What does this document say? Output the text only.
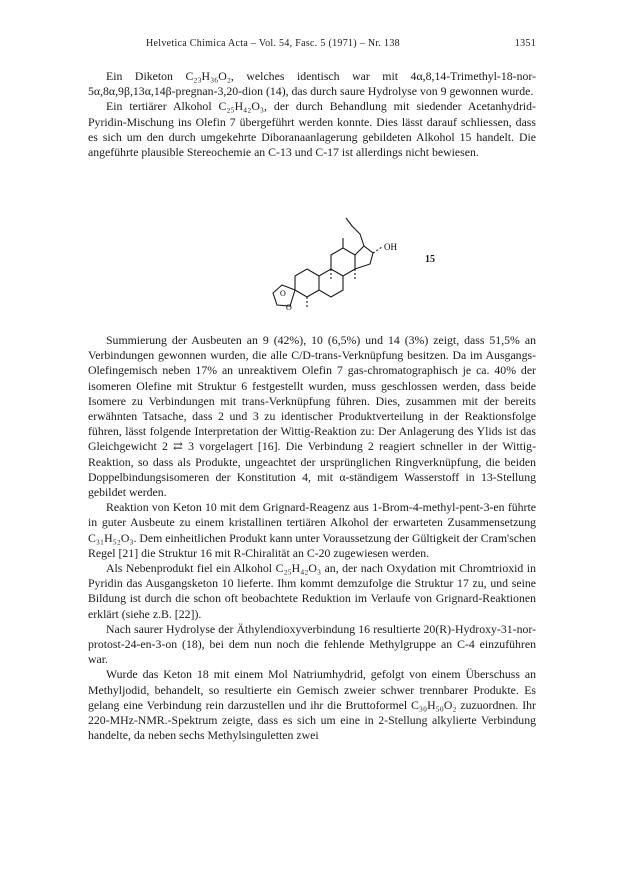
Helvetica Chimica Acta – Vol. 54, Fasc. 5 (1971) – Nr. 138	1351

Ein Diketon C₂₃H₃₆O₂, welches identisch war mit 4α,8,14-Trimethyl-18-nor-5α,8α,9β,13α,14β-pregnan-3,20-dion (14), das durch saure Hydrolyse von 9 gewonnen wurde.

Ein tertiärer Alkohol C₂₅H₄₂O₃, der durch Behandlung mit siedender Acetanhydrid-Pyridin-Mischung ins Olefin 7 übergeführt werden konnte. Dies lässt darauf schliessen, dass es sich um den durch umgekehrte Diboranaanlagerung gebildeten Alkohol 15 handelt. Die angeführte plausible Stereochemie an C-13 und C-17 ist allerdings nicht bewiesen.

OH
O
O
15

Summierung der Ausbeuten an 9 (42%), 10 (6,5%) und 14 (3%) zeigt, dass 51,5% an Verbindungen gewonnen wurden, die alle C/D-trans-Verknüpfung besitzen. Da im Ausgangs-Olefingemisch neben 17% an unreaktivem Olefin 7 gas-chromatographisch je ca. 40% der isomeren Olefine mit Struktur 6 festgestellt wurden, muss geschlossen werden, dass beide Isomere zu Verbindungen mit trans-Verknüpfung führen. Dies, zusammen mit der bereits erwähnten Tatsache, dass 2 und 3 zu identischer Produktverteilung in der Reaktionsfolge führen, lässt folgende Interpretation der Wittig-Reaktion zu: Der Anlagerung des Ylids ist das Gleichgewicht 2 ⇄ 3 vorgelagert [16]. Die Verbindung 2 reagiert schneller in der Wittig-Reaktion, so dass als Produkte, ungeachtet der ursprünglichen Ringverknüpfung, die beiden Doppelbindungsisomeren der Konstitution 4, mit α-ständigem Wasserstoff in 13-Stellung gebildet werden.

Reaktion von Keton 10 mit dem Grignard-Reagenz aus 1-Brom-4-methyl-pent-3-en führte in guter Ausbeute zu einem kristallinen tertiären Alkohol der erwarteten Zusammensetzung C₃₁H₅₂O₃. Dem einheitlichen Produkt kann unter Voraussetzung der Gültigkeit der Cram'schen Regel [21] die Struktur 16 mit R-Chiralität an C-20 zugewiesen werden.

Als Nebenprodukt fiel ein Alkohol C₂₅H₄₂O₃ an, der nach Oxydation mit Chromtrioxid in Pyridin das Ausgangsketon 10 lieferte. Ihm kommt demzufolge die Struktur 17 zu, und seine Bildung ist durch die schon oft beobachtete Reduktion im Verlaufe von Grignard-Reaktionen erklärt (siehe z.B. [22]).

Nach saurer Hydrolyse der Äthylendioxyverbindung 16 resultierte 20(R)-Hydroxy-31-nor-protost-24-en-3-on (18), bei dem nun noch die fehlende Methylgruppe an C-4 einzuführen war.

Wurde das Keton 18 mit einem Mol Natriumhydrid, gefolgt von einem Überschuss an Methyljodid, behandelt, so resultierte ein Gemisch zweier schwer trennbarer Produkte. Es gelang eine Verbindung rein darzustellen und ihr die Bruttoformel C₃₀H₅₀O₂ zuzuordnen. Ihr 220-MHz-NMR.-Spektrum zeigte, dass es sich um eine in 2-Stellung alkylierte Verbindung handelte, da neben sechs Methylsinguletten zwei
